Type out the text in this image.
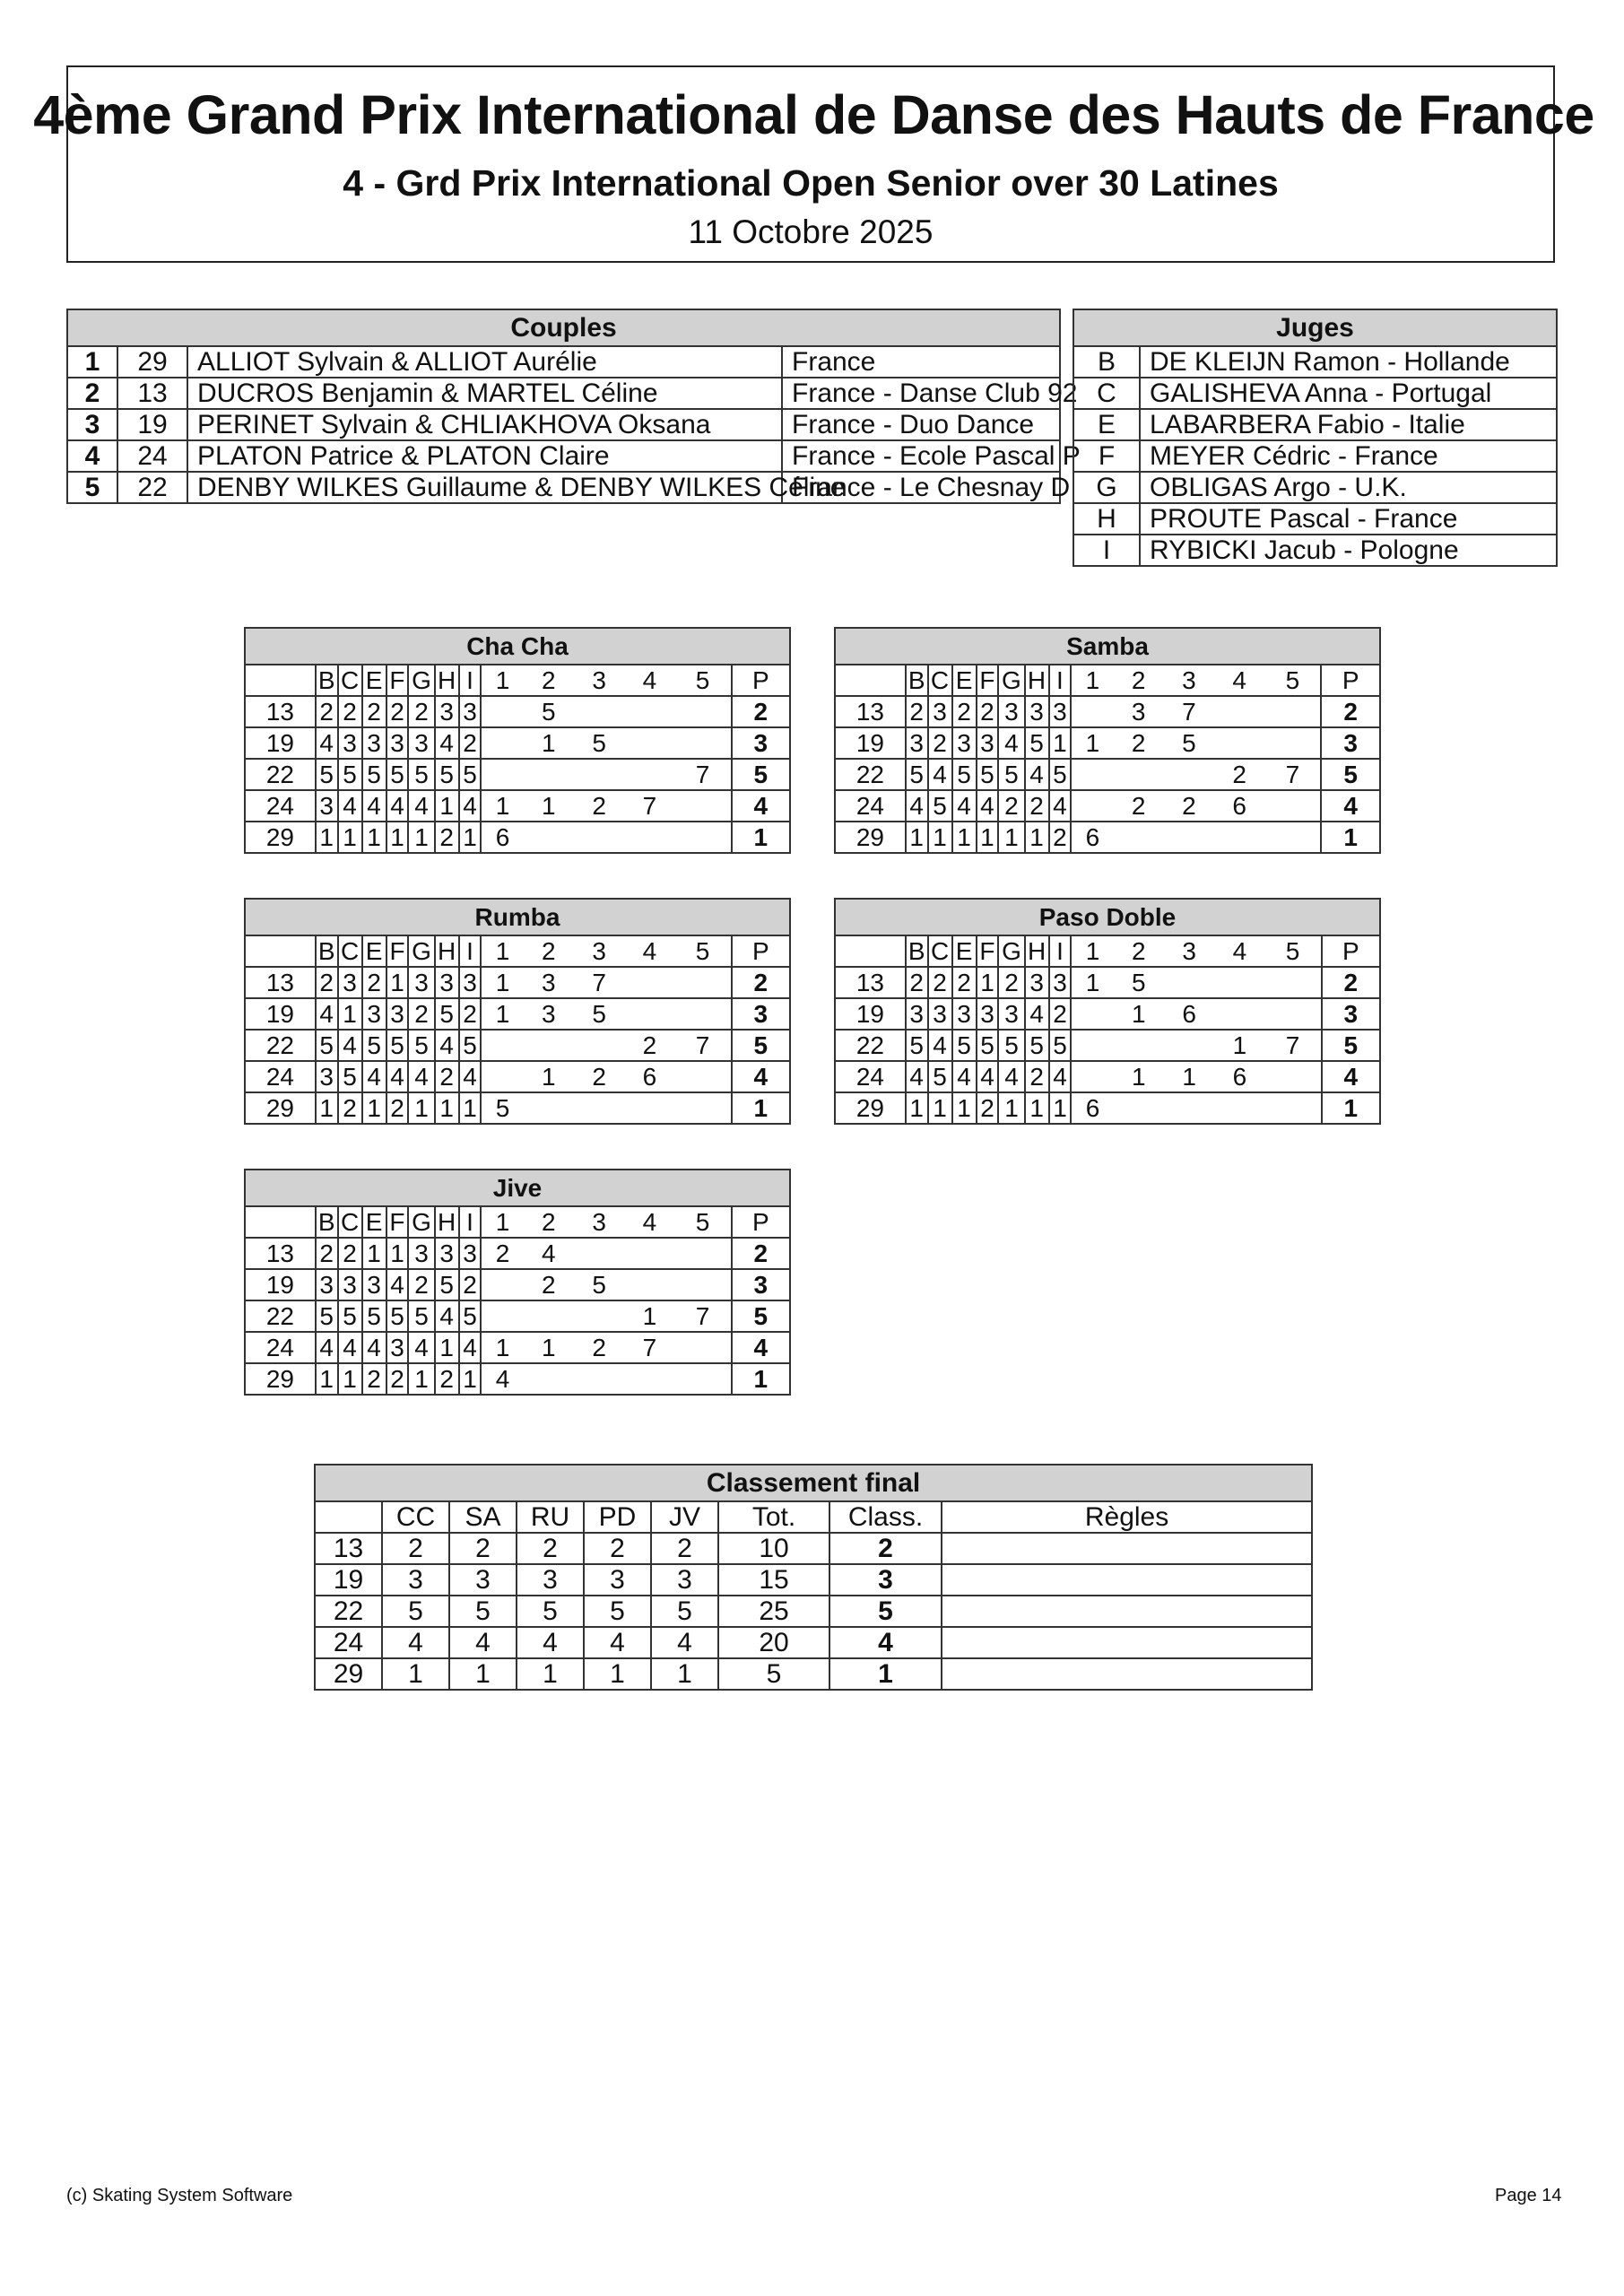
4ème Grand Prix International de Danse des Hauts de France
4 - Grd Prix International Open Senior over 30 Latines
11 Octobre 2025
Couples			
1	29	ALLIOT Sylvain & ALLIOT Aurélie	France
2	13	DUCROS Benjamin & MARTEL Céline	France - Danse Club 92
3	19	PERINET Sylvain & CHLIAKHOVA Oksana	France - Duo Dance
4	24	PLATON Patrice & PLATON Claire	France - Ecole Pascal P
5	22	DENBY WILKES Guillaume & DENBY WILKES Céline	France - Le Chesnay D
Juges	
B	DE KLEIJN Ramon - Hollande
C	GALISHEVA Anna - Portugal
E	LABARBERA Fabio - Italie
F	MEYER Cédric - France
G	OBLIGAS Argo - U.K.
H	PROUTE Pascal - France
I	RYBICKI Jacub - Pologne
Cha Cha													
	B	C	E	F	G	H	I	1	2	3	4	5	P
13	2	2	2	2	2	3	3		5				2
19	4	3	3	3	3	4	2		1	5			3
22	5	5	5	5	5	5	5					7	5
24	3	4	4	4	4	1	4	1	1	2	7		4
29	1	1	1	1	1	2	1	6					1
Samba													
	B	C	E	F	G	H	I	1	2	3	4	5	P
13	2	3	2	2	3	3	3		3	7			2
19	3	2	3	3	4	5	1	1	2	5			3
22	5	4	5	5	5	4	5				2	7	5
24	4	5	4	4	2	2	4		2	2	6		4
29	1	1	1	1	1	1	2	6					1
Rumba													
	B	C	E	F	G	H	I	1	2	3	4	5	P
13	2	3	2	1	3	3	3	1	3	7			2
19	4	1	3	3	2	5	2	1	3	5			3
22	5	4	5	5	5	4	5				2	7	5
24	3	5	4	4	4	2	4		1	2	6		4
29	1	2	1	2	1	1	1	5					1
Paso Doble													
	B	C	E	F	G	H	I	1	2	3	4	5	P
13	2	2	2	1	2	3	3	1	5				2
19	3	3	3	3	3	4	2		1	6			3
22	5	4	5	5	5	5	5				1	7	5
24	4	5	4	4	4	2	4		1	1	6		4
29	1	1	1	2	1	1	1	6					1
Jive													
	B	C	E	F	G	H	I	1	2	3	4	5	P
13	2	2	1	1	3	3	3	2	4				2
19	3	3	3	4	2	5	2		2	5			3
22	5	5	5	5	5	4	5				1	7	5
24	4	4	4	3	4	1	4	1	1	2	7		4
29	1	1	2	2	1	2	1	4					1
Classement final								
	CC	SA	RU	PD	JV	Tot.	Class.	Règles
13	2	2	2	2	2	10	2	
19	3	3	3	3	3	15	3	
22	5	5	5	5	5	25	5	
24	4	4	4	4	4	20	4	
29	1	1	1	1	1	5	1	
(c) Skating System Software	Page 14
